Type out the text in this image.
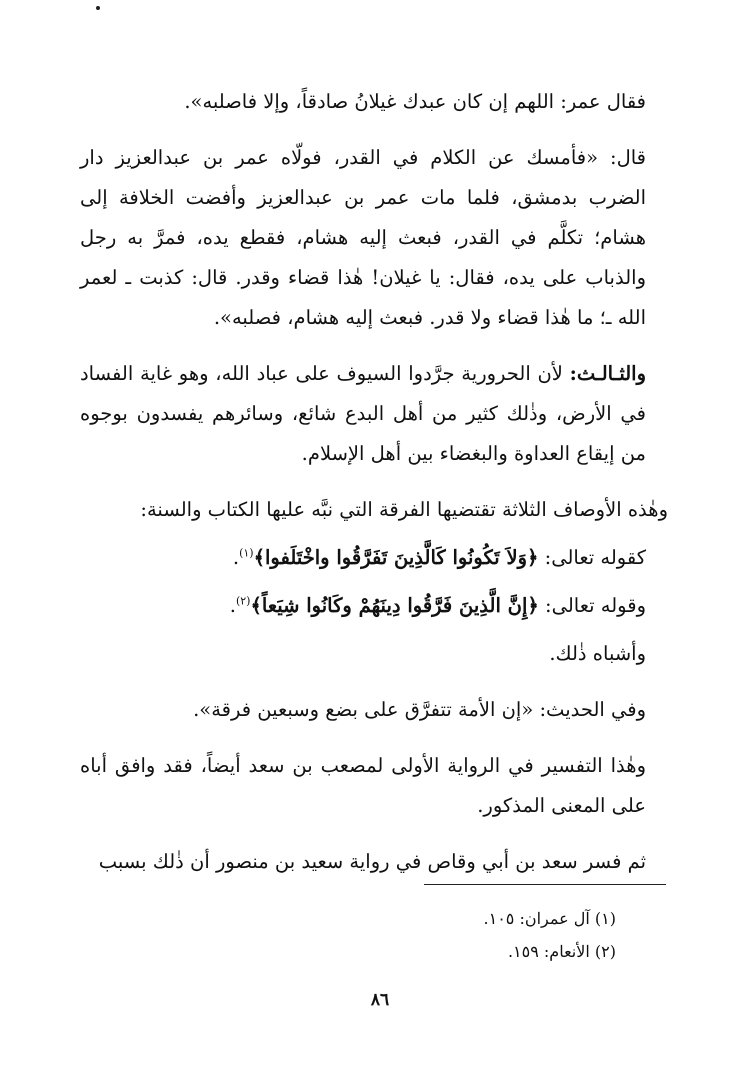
فقال عمر: اللهم إن كان عبدك غيلانُ صادقاً، وإلا فاصلبه».

قال: «فأمسك عن الكلام في القدر، فولّاه عمر بن عبدالعزيز دار الضرب بدمشق، فلما مات عمر بن عبدالعزيز وأفضت الخلافة إلى هشام؛ تكلَّم في القدر، فبعث إليه هشام، فقطع يده، فمرَّ به رجل والذباب على يده، فقال: يا غيلان! هٰذا قضاء وقدر. قال: كذبت ـ لعمر الله ـ؛ ما هٰذا قضاء ولا قدر. فبعث إليه هشام، فصلبه».

والثـالـث: لأن الحرورية جرَّدوا السيوف على عباد الله، وهو غاية الفساد في الأرض، وذٰلك كثير من أهل البدع شائع، وسائرهم يفسدون بوجوه من إيقاع العداوة والبغضاء بين أهل الإسلام.

وهٰذه الأوصاف الثلاثة تقتضيها الفرقة التي نبَّه عليها الكتاب والسنة:

كقوله تعالى: ﴿وَلاَ تَكُونُوا كَالَّذِينَ تَفَرَّقُوا واخْتَلَفوا﴾$^{(١)}$.

وقوله تعالى: ﴿إِنَّ الَّذِينَ فَرَّقُوا دِينَهُمْ وكَانُوا شِيَعاً﴾$^{(٢)}$.

وأشباه ذٰلك.

وفي الحديث: «إن الأمة تتفرَّق على بضع وسبعين فرقة».

وهٰذا التفسير في الرواية الأولى لمصعب بن سعد أيضاً، فقد وافق أباه على المعنى المذكور.

ثم فسر سعد بن أبي وقاص في رواية سعيد بن منصور أن ذٰلك بسبب

(١) آل عمران: ١٠٥.
(٢) الأنعام: ١٥٩.
٨٦
